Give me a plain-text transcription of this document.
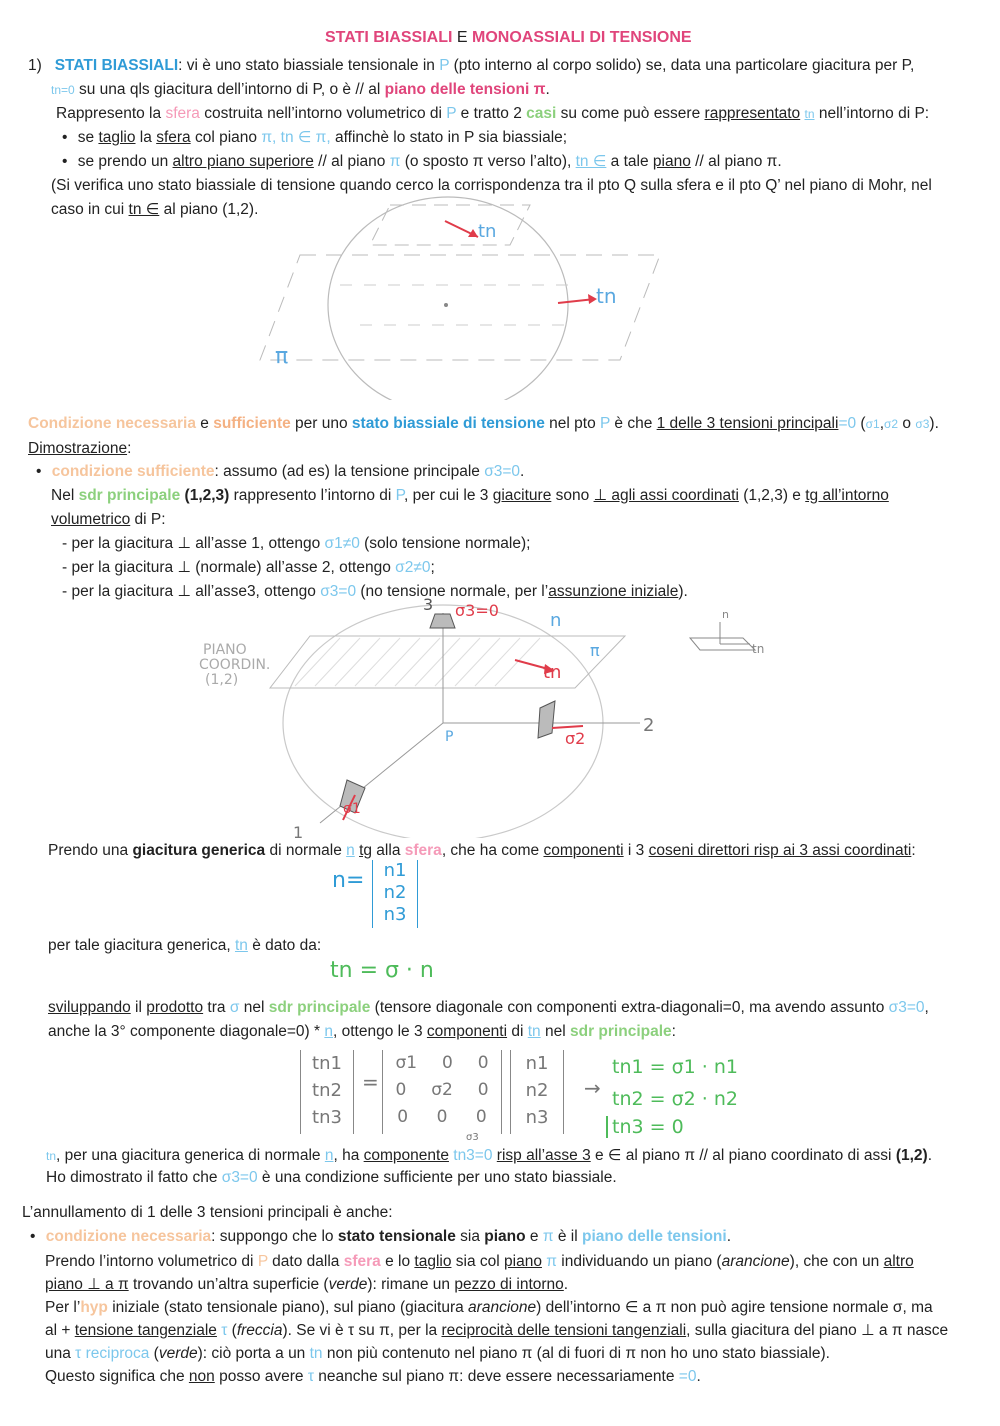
STATI BIASSIALI E MONOASSIALI DI TENSIONE
1) STATI BIASSIALI: vi è uno stato biassiale tensionale in P (pto interno al corpo solido) se, data una particolare giacitura per P,
tn=0 su una qls giacitura dell’intorno di P, o è // al piano delle tensioni π.
Rappresento la sfera costruita nell’intorno volumetrico di P e tratto 2 casi su come può essere rappresentato tn nell’intorno di P:
• se taglio la sfera col piano π, tn ∈ π, affinchè lo stato in P sia biassiale;
• se prendo un altro piano superiore // al piano π (o sposto π verso l’alto), tn ∈ a tale piano // al piano π.
(Si verifica uno stato biassiale di tensione quando cerco la corrispondenza tra il pto Q sulla sfera e il pto Q’ nel piano di Mohr, nel
caso in cui tn ∈ al piano (1,2).
tn
tn
π
Condizione necessaria e sufficiente per uno stato biassiale di tensione nel pto P è che 1 delle 3 tensioni principali=0 (σ1,σ2 o σ3).
Dimostrazione:
• condizione sufficiente: assumo (ad es) la tensione principale σ3=0.
Nel sdr principale (1,2,3) rappresento l’intorno di P, per cui le 3 giaciture sono ⊥ agli assi coordinati (1,2,3) e tg all’intorno
volumetrico di P:
- per la giacitura ⊥ all’asse 1, ottengo σ1≠0 (solo tensione normale);
- per la giacitura ⊥ (normale) all’asse 2, ottengo σ2≠0;
- per la giacitura ⊥ all’asse3, ottengo σ3=0 (no tensione normale, per l’assunzione iniziale).
3 σ3=0	n
tn
π
2
P	σ2
σ1
1
PIANO
COORDIN.
(1,2)
n
tn
Prendo una giacitura generica di normale n tg alla sfera, che ha come componenti i 3 coseni direttori risp ai 3 assi coordinati:
n=	n1
n2
n3
per tale giacitura generica, tn è dato da:
tn = σ · n
sviluppando il prodotto tra σ nel sdr principale (tensore diagonale con componenti extra-diagonali=0, ma avendo assunto σ3=0,
anche la 3° componente diagonale=0) * n, ottengo le 3 componenti di tn nel sdr principale:
tn1
tn2
tn3
=
σ1 0 0
0 σ2 0
0 0 0
σ3
n1
n2
n3
→
tn1 = σ1 · n1
tn2 = σ2 · n2
tn3 = 0
tn, per una giacitura generica di normale n, ha componente tn3=0 risp all’asse 3 e ∈ al piano π // al piano coordinato di assi (1,2).
Ho dimostrato il fatto che σ3=0 è una condizione sufficiente per uno stato biassiale.
L’annullamento di 1 delle 3 tensioni principali è anche:
• condizione necessaria: suppongo che lo stato tensionale sia piano e π è il piano delle tensioni.
Prendo l’intorno volumetrico di P dato dalla sfera e lo taglio sia col piano π individuando un piano (arancione), che con un altro
piano ⊥ a π trovando un’altra superficie (verde): rimane un pezzo di intorno.
Per l’hyp iniziale (stato tensionale piano), sul piano (giacitura arancione) dell’intorno ∈ a π non può agire tensione normale σ, ma
al + tensione tangenziale τ (freccia). Se vi è τ su π, per la reciprocità delle tensioni tangenziali, sulla giacitura del piano ⊥ a π nasce
una τ reciproca (verde): ciò porta a un tn non più contenuto nel piano π (al di fuori di π non ho uno stato biassiale).
Questo significa che non posso avere τ neanche sul piano π: deve essere necessariamente =0.
